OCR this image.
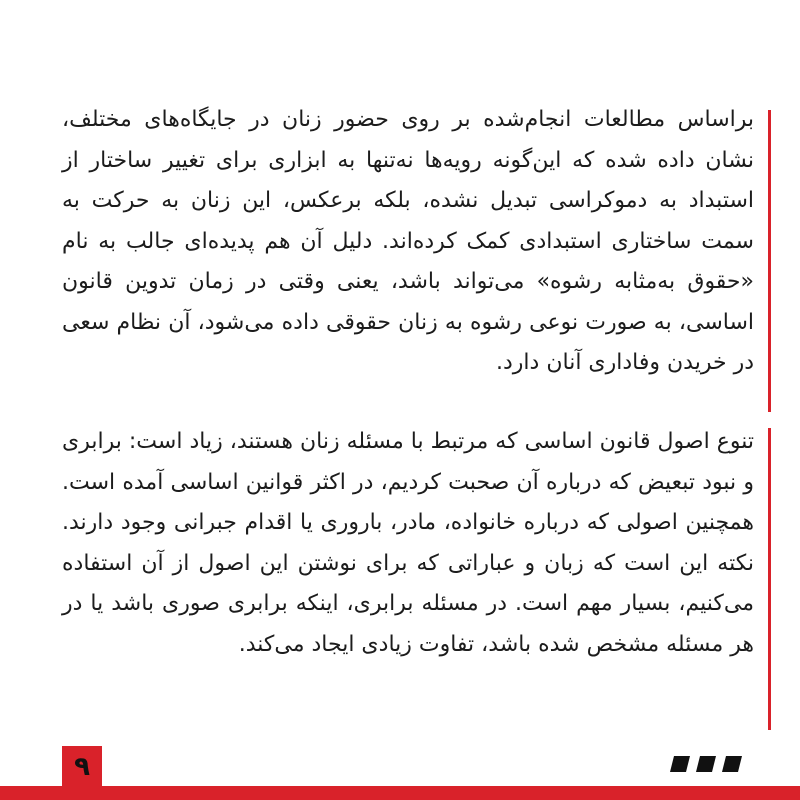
براساس مطالعات انجام‌شده بر روی حضور زنان در جایگاه‌های مختلف، نشان داده شده که این‌گونه رویه‌ها نه‌تنها به ابزاری برای تغییر ساختار از استبداد به دموکراسی تبدیل نشده، بلکه برعکس، این زنان به حرکت به سمت ساختاری استبدادی کمک کرده‌اند. دلیل آن هم پدیده‌ای جالب به نام «حقوق به‌مثابه رشوه» می‌تواند باشد، یعنی وقتی در زمان تدوین قانون اساسی، به صورت نوعی رشوه به زنان حقوقی داده می‌شود، آن نظام سعی در خریدن وفاداری آنان دارد.

تنوع اصول قانون اساسی که مرتبط با مسئله زنان هستند، زیاد است: برابری و نبود تبعیض که درباره آن صحبت کردیم، در اکثر قوانین اساسی آمده است. همچنین اصولی که درباره خانواده، مادر، باروری یا اقدام جبرانی وجود دارند. نکته این است که زبان و عباراتی که برای نوشتن این اصول از آن استفاده می‌کنیم، بسیار مهم است. در مسئله برابری، اینکه برابری صوری باشد یا در هر مسئله مشخص شده باشد، تفاوت زیادی ایجاد می‌کند.

۹
